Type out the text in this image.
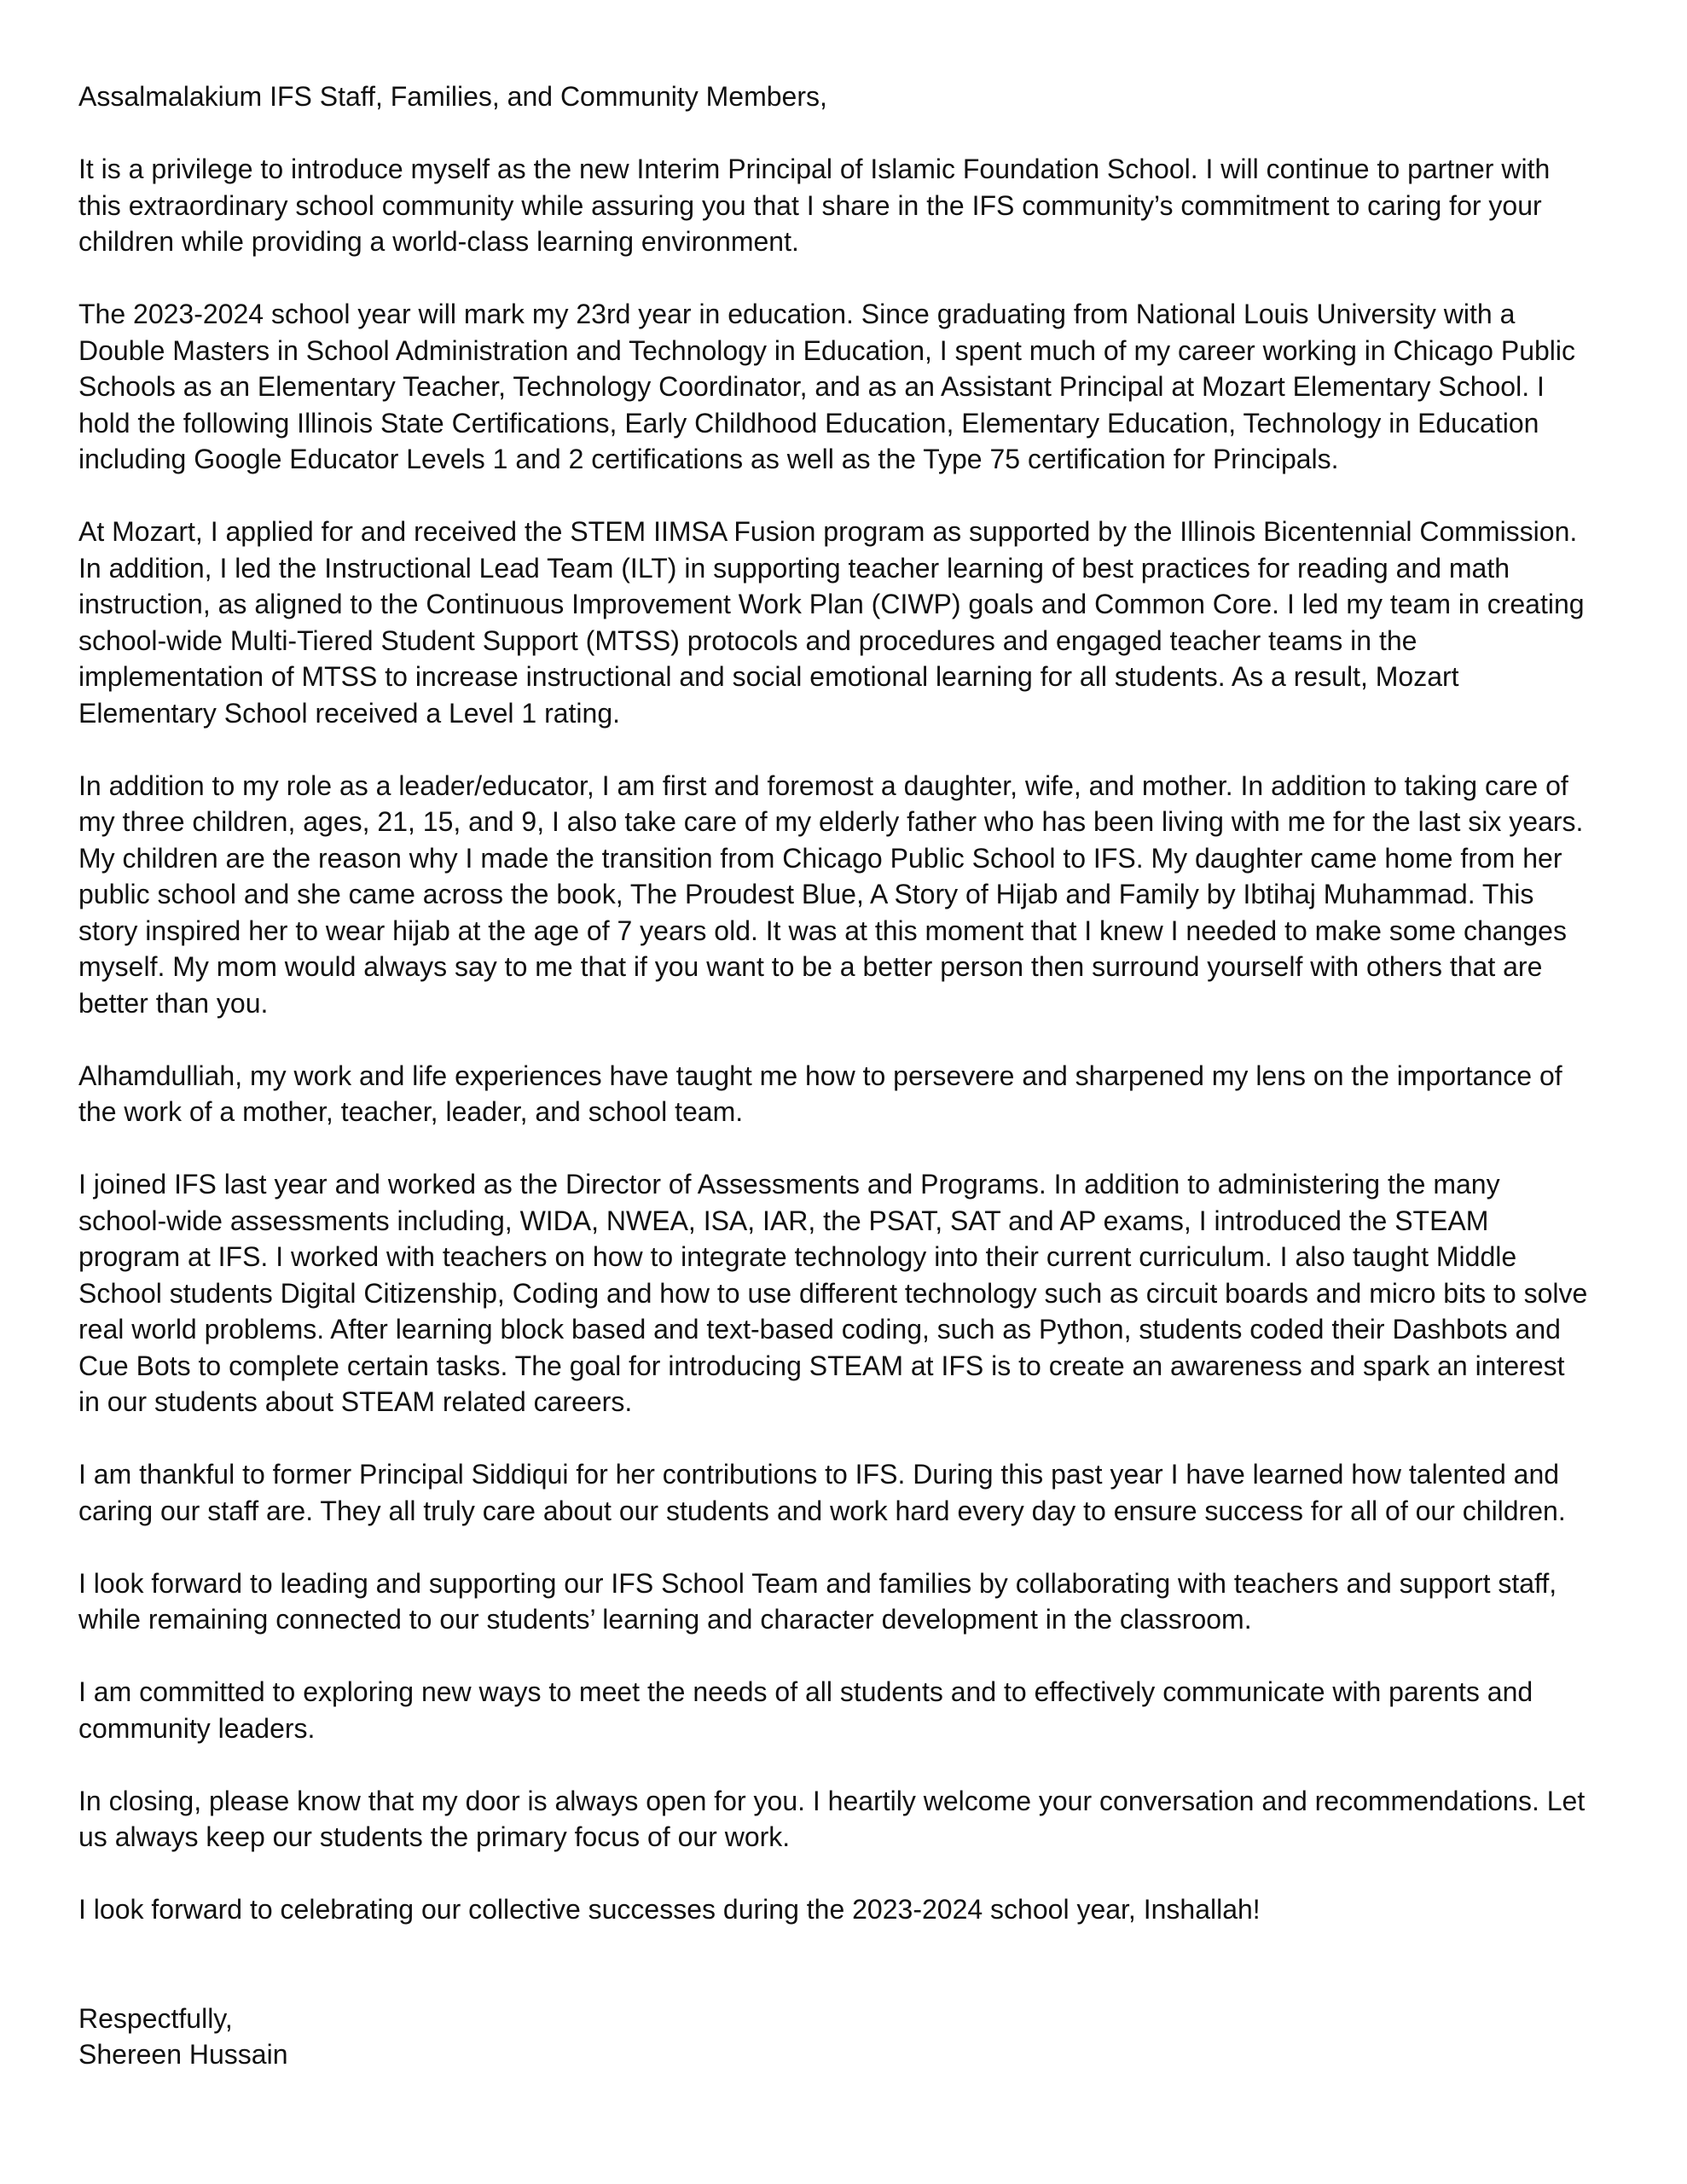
Assalmalakium IFS Staff, Families, and Community Members,

It is a privilege to introduce myself as the new Interim Principal of Islamic Foundation School. I will continue to partner with
this extraordinary school community while assuring you that I share in the IFS community’s commitment to caring for your
children while providing a world-class learning environment.

The 2023-2024 school year will mark my 23rd year in education. Since graduating from National Louis University with a
Double Masters in School Administration and Technology in Education, I spent much of my career working in Chicago Public
Schools as an Elementary Teacher, Technology Coordinator, and as an Assistant Principal at Mozart Elementary School. I
hold the following Illinois State Certifications, Early Childhood Education, Elementary Education, Technology in Education
including Google Educator Levels 1 and 2 certifications as well as the Type 75 certification for Principals.

At Mozart, I applied for and received the STEM IIMSA Fusion program as supported by the Illinois Bicentennial Commission.
In addition, I led the Instructional Lead Team (ILT) in supporting teacher learning of best practices for reading and math
instruction, as aligned to the Continuous Improvement Work Plan (CIWP) goals and Common Core. I led my team in creating
school-wide Multi-Tiered Student Support (MTSS) protocols and procedures and engaged teacher teams in the
implementation of MTSS to increase instructional and social emotional learning for all students. As a result, Mozart
Elementary School received a Level 1 rating.

In addition to my role as a leader/educator, I am first and foremost a daughter, wife, and mother. In addition to taking care of
my three children, ages, 21, 15, and 9, I also take care of my elderly father who has been living with me for the last six years.
My children are the reason why I made the transition from Chicago Public School to IFS. My daughter came home from her
public school and she came across the book, The Proudest Blue, A Story of Hijab and Family by Ibtihaj Muhammad. This
story inspired her to wear hijab at the age of 7 years old. It was at this moment that I knew I needed to make some changes
myself. My mom would always say to me that if you want to be a better person then surround yourself with others that are
better than you.

Alhamdulliah, my work and life experiences have taught me how to persevere and sharpened my lens on the importance of
the work of a mother, teacher, leader, and school team.

I joined IFS last year and worked as the Director of Assessments and Programs. In addition to administering the many
school-wide assessments including, WIDA, NWEA, ISA, IAR, the PSAT, SAT and AP exams, I introduced the STEAM
program at IFS. I worked with teachers on how to integrate technology into their current curriculum. I also taught Middle
School students Digital Citizenship, Coding and how to use different technology such as circuit boards and micro bits to solve
real world problems. After learning block based and text-based coding, such as Python, students coded their Dashbots and
Cue Bots to complete certain tasks. The goal for introducing STEAM at IFS is to create an awareness and spark an interest
in our students about STEAM related careers.

I am thankful to former Principal Siddiqui for her contributions to IFS. During this past year I have learned how talented and
caring our staff are. They all truly care about our students and work hard every day to ensure success for all of our children.

I look forward to leading and supporting our IFS School Team and families by collaborating with teachers and support staff,
while remaining connected to our students’ learning and character development in the classroom.

I am committed to exploring new ways to meet the needs of all students and to effectively communicate with parents and
community leaders.

In closing, please know that my door is always open for you. I heartily welcome your conversation and recommendations. Let
us always keep our students the primary focus of our work.

I look forward to celebrating our collective successes during the 2023-2024 school year, Inshallah!

Respectfully,
Shereen Hussain
